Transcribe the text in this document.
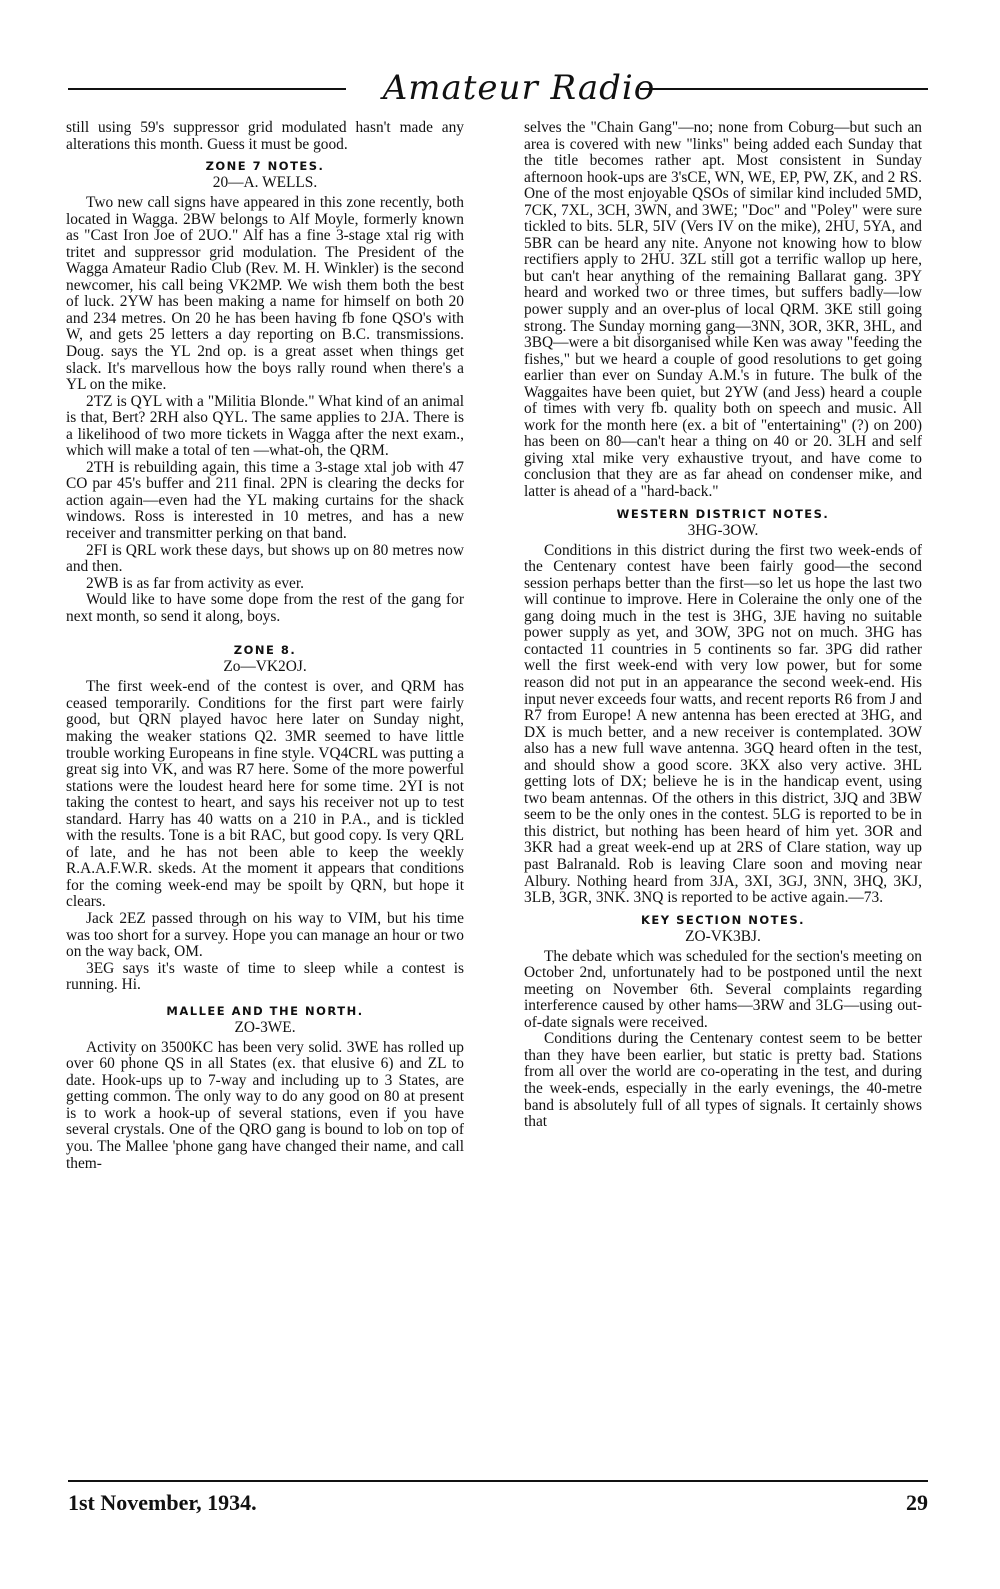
Amateur Radio

still using 59's suppressor grid modulated hasn't made any alterations this month. Guess it must be good.

ZONE 7 NOTES.
20—A. WELLS.

Two new call signs have appeared in this zone recently, both located in Wagga. 2BW belongs to Alf Moyle, formerly known as "Cast Iron Joe of 2UO." Alf has a fine 3-stage xtal rig with tritet and suppressor grid modulation. The President of the Wagga Amateur Radio Club (Rev. M. H. Winkler) is the second newcomer, his call being VK2MP. We wish them both the best of luck. 2YW has been making a name for himself on both 20 and 234 metres. On 20 he has been having fb fone QSO's with W, and gets 25 letters a day reporting on B.C. transmissions. Doug. says the YL 2nd op. is a great asset when things get slack. It's marvellous how the boys rally round when there's a YL on the mike.

2TZ is QYL with a "Militia Blonde." What kind of an animal is that, Bert? 2RH also QYL. The same applies to 2JA. There is a likelihood of two more tickets in Wagga after the next exam., which will make a total of ten —what-oh, the QRM.

2TH is rebuilding again, this time a 3-stage xtal job with 47 CO par 45's buffer and 211 final. 2PN is clearing the decks for action again—even had the YL making curtains for the shack windows. Ross is interested in 10 metres, and has a new receiver and transmitter perking on that band.

2FI is QRL work these days, but shows up on 80 metres now and then.

2WB is as far from activity as ever.

Would like to have some dope from the rest of the gang for next month, so send it along, boys.

ZONE 8.
Zo—VK2OJ.

The first week-end of the contest is over, and QRM has ceased temporarily. Conditions for the first part were fairly good, but QRN played havoc here later on Sunday night, making the weaker stations Q2. 3MR seemed to have little trouble working Europeans in fine style. VQ4CRL was putting a great sig into VK, and was R7 here. Some of the more powerful stations were the loudest heard here for some time. 2YI is not taking the contest to heart, and says his receiver not up to test standard. Harry has 40 watts on a 210 in P.A., and is tickled with the results. Tone is a bit RAC, but good copy. Is very QRL of late, and he has not been able to keep the weekly R.A.A.F.W.R. skeds. At the moment it appears that conditions for the coming week-end may be spoilt by QRN, but hope it clears.

Jack 2EZ passed through on his way to VIM, but his time was too short for a survey. Hope you can manage an hour or two on the way back, OM.

3EG says it's waste of time to sleep while a contest is running. Hi.

MALLEE AND THE NORTH.
ZO-3WE.

Activity on 3500KC has been very solid. 3WE has rolled up over 60 phone QS in all States (ex. that elusive 6) and ZL to date. Hook-ups up to 7-way and including up to 3 States, are getting common. The only way to do any good on 80 at present is to work a hook-up of several stations, even if you have several crystals. One of the QRO gang is bound to lob on top of you. The Mallee 'phone gang have changed their name, and call them-

selves the "Chain Gang"—no; none from Coburg—but such an area is covered with new "links" being added each Sunday that the title becomes rather apt. Most consistent in Sunday afternoon hook-ups are 3'sCE, WN, WE, EP, PW, ZK, and 2 RS. One of the most enjoyable QSOs of similar kind included 5MD, 7CK, 7XL, 3CH, 3WN, and 3WE; "Doc" and "Poley" were sure tickled to bits. 5LR, 5IV (Vers IV on the mike), 2HU, 5YA, and 5BR can be heard any nite. Anyone not knowing how to blow rectifiers apply to 2HU. 3ZL still got a terrific wallop up here, but can't hear anything of the remaining Ballarat gang. 3PY heard and worked two or three times, but suffers badly—low power supply and an over-plus of local QRM. 3KE still going strong. The Sunday morning gang—3NN, 3OR, 3KR, 3HL, and 3BQ—were a bit disorganised while Ken was away "feeding the fishes," but we heard a couple of good resolutions to get going earlier than ever on Sunday A.M.'s in future. The bulk of the Waggaites have been quiet, but 2YW (and Jess) heard a couple of times with very fb. quality both on speech and music. All work for the month here (ex. a bit of "entertaining" (?) on 200) has been on 80—can't hear a thing on 40 or 20. 3LH and self giving xtal mike very exhaustive tryout, and have come to conclusion that they are as far ahead on condenser mike, and latter is ahead of a "hard-back."

WESTERN DISTRICT NOTES.
3HG-3OW.

Conditions in this district during the first two week-ends of the Centenary contest have been fairly good—the second session perhaps better than the first—so let us hope the last two will continue to improve. Here in Coleraine the only one of the gang doing much in the test is 3HG, 3JE having no suitable power supply as yet, and 3OW, 3PG not on much. 3HG has contacted 11 countries in 5 continents so far. 3PG did rather well the first week-end with very low power, but for some reason did not put in an appearance the second week-end. His input never exceeds four watts, and recent reports R6 from J and R7 from Europe! A new antenna has been erected at 3HG, and DX is much better, and a new receiver is contemplated. 3OW also has a new full wave antenna. 3GQ heard often in the test, and should show a good score. 3KX also very active. 3HL getting lots of DX; believe he is in the handicap event, using two beam antennas. Of the others in this district, 3JQ and 3BW seem to be the only ones in the contest. 5LG is reported to be in this district, but nothing has been heard of him yet. 3OR and 3KR had a great week-end up at 2RS of Clare station, way up past Balranald. Rob is leaving Clare soon and moving near Albury. Nothing heard from 3JA, 3XI, 3GJ, 3NN, 3HQ, 3KJ, 3LB, 3GR, 3NK. 3NQ is reported to be active again.—73.

KEY SECTION NOTES.
ZO-VK3BJ.

The debate which was scheduled for the section's meeting on October 2nd, unfortunately had to be postponed until the next meeting on November 6th. Several complaints regarding interference caused by other hams—3RW and 3LG—using out-of-date signals were received.

Conditions during the Centenary contest seem to be better than they have been earlier, but static is pretty bad. Stations from all over the world are co-operating in the test, and during the week-ends, especially in the early evenings, the 40-metre band is absolutely full of all types of signals. It certainly shows that

1st November, 1934.	29
